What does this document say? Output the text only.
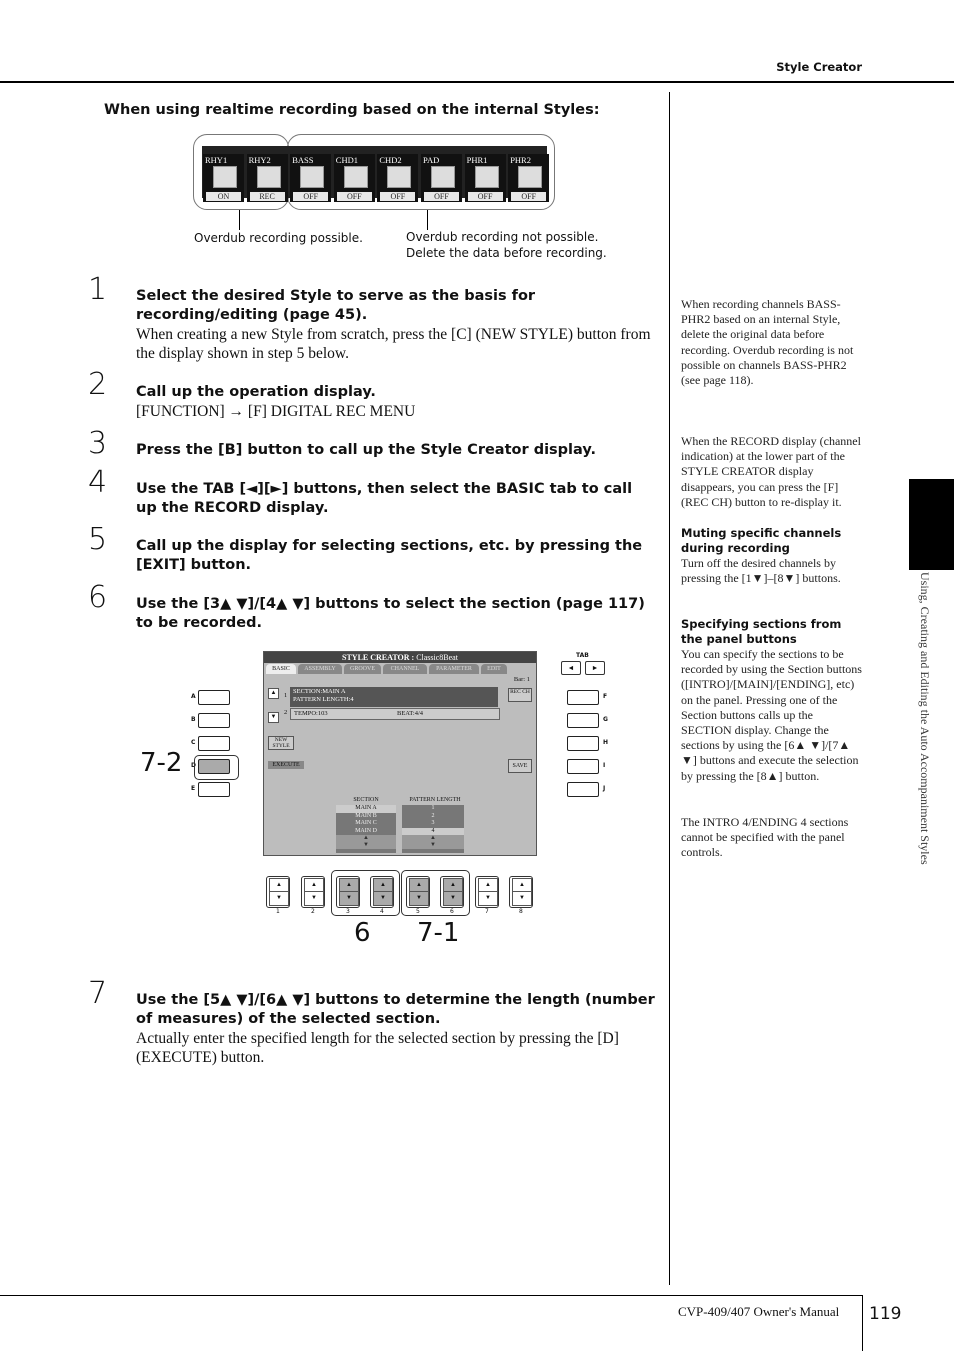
Style Creator
When using realtime recording based on the internal Styles:
RHY1
ON
RHY2
REC
BASS
OFF
CHD1
OFF
CHD2
OFF
PAD
OFF
PHR1
OFF
PHR2
OFF
Overdub recording possible.	Overdub recording not possible.
Delete the data before recording.
1 Select the desired Style to serve as the basis for recording/editing (page 45).
When creating a new Style from scratch, press the [C] (NEW STYLE) button from the display shown in step 5 below.
2 Call up the operation display.
[FUNCTION] → [F] DIGITAL REC MENU
3 Press the [B] button to call up the Style Creator display.
4 Use the TAB [◄][►] buttons, then select the BASIC tab to call up the RECORD display.
5 Call up the display for selecting sections, etc. by pressing the [EXIT] button.
6 Use the [3▲ ▼]/[4▲ ▼] buttons to select the section (page 117) to be recorded.
A
B
C
D
E
7-2
STYLE CREATOR : Classic8Beat
BASIC	ASSEMBLY	GROOVE	CHANNEL	PARAMETER	EDIT
Bar: 1
▲
▼
1
2
SECTION:MAIN A
PATTERN LENGTH:4
TEMPO:103	BEAT:4/4
REC CH
NEW STYLE
EXECUTE	SAVE
SECTION	PATTERN LENGTH
MAIN A
MAIN B
MAIN C
MAIN D
▲
▼
1
2
3
4
▲
▼
TAB
◄	►
F
G
H
I
J
▲
▼
1
▲
▼
2
▲
▼
3
▲
▼
4
▲
▼
5
▲
▼
6
▲
▼
7
▲
▼
8
6 7-1
7 Use the [5▲ ▼]/[6▲ ▼] buttons to determine the length (number of measures) of the selected section.
Actually enter the specified length for the selected section by pressing the [D] (EXECUTE) button.
When recording channels BASS-PHR2 based on an internal Style, delete the original data before recording. Overdub recording is not possible on channels BASS-PHR2 (see page 118).
When the RECORD display (channel indication) at the lower part of the STYLE CREATOR display disappears, you can press the [F] (REC CH) button to re-display it.
Muting specific channels during recording
Turn off the desired channels by pressing the [1▼]–[8▼] buttons.
Specifying sections from the panel buttons
You can specify the sections to be recorded by using the Section buttons ([INTRO]/[MAIN]/[ENDING], etc) on the panel. Pressing one of the Section buttons calls up the SECTION display. Change the sections by using the [6▲ ▼]/[7▲ ▼] buttons and execute the selection by pressing the [8▲] button.
The INTRO 4/ENDING 4 sections cannot be specified with the panel controls.	Using, Creating and Editing the Auto Accompaniment Styles
CVP-409/407 Owner's Manual 119
